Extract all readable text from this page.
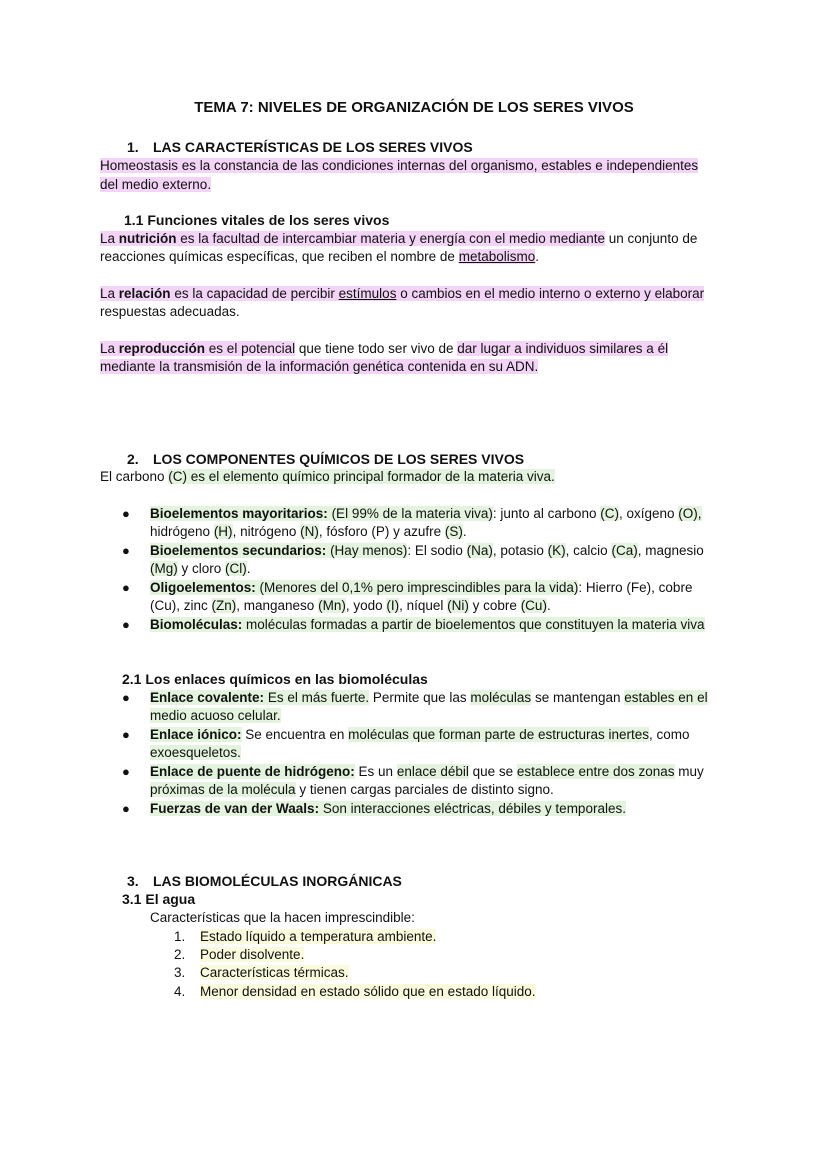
TEMA 7: NIVELES DE ORGANIZACIÓN DE LOS SERES VIVOS
1. LAS CARACTERÍSTICAS DE LOS SERES VIVOS
Homeostasis es la constancia de las condiciones internas del organismo, estables e independientes
del medio externo.
1.1 Funciones vitales de los seres vivos
La nutrición es la facultad de intercambiar materia y energía con el medio mediante un conjunto de
reacciones químicas específicas, que reciben el nombre de metabolismo.
La relación es la capacidad de percibir estímulos o cambios en el medio interno o externo y elaborar
respuestas adecuadas.
La reproducción es el potencial que tiene todo ser vivo de dar lugar a individuos similares a él
mediante la transmisión de la información genética contenida en su ADN.
2. LOS COMPONENTES QUÍMICOS DE LOS SERES VIVOS
El carbono (C) es el elemento químico principal formador de la materia viva.
● Bioelementos mayoritarios: (El 99% de la materia viva): junto al carbono (C), oxígeno (O),
hidrógeno (H), nitrógeno (N), fósforo (P) y azufre (S).
● Bioelementos secundarios: (Hay menos): El sodio (Na), potasio (K), calcio (Ca), magnesio
(Mg) y cloro (Cl).
● Oligoelementos: (Menores del 0,1% pero imprescindibles para la vida): Hierro (Fe), cobre
(Cu), zinc (Zn), manganeso (Mn), yodo (I), níquel (Ni) y cobre (Cu).
● Biomoléculas: moléculas formadas a partir de bioelementos que constituyen la materia viva
2.1 Los enlaces químicos en las biomoléculas
● Enlace covalente: Es el más fuerte. Permite que las moléculas se mantengan estables en el
medio acuoso celular.
● Enlace iónico: Se encuentra en moléculas que forman parte de estructuras inertes, como
exoesqueletos.
● Enlace de puente de hidrógeno: Es un enlace débil que se establece entre dos zonas muy
próximas de la molécula y tienen cargas parciales de distinto signo.
● Fuerzas de van der Waals: Son interacciones eléctricas, débiles y temporales.
3. LAS BIOMOLÉCULAS INORGÁNICAS
3.1 El agua
Características que la hacen imprescindible:
1. Estado líquido a temperatura ambiente.
2. Poder disolvente.
3. Características térmicas.
4. Menor densidad en estado sólido que en estado líquido.
